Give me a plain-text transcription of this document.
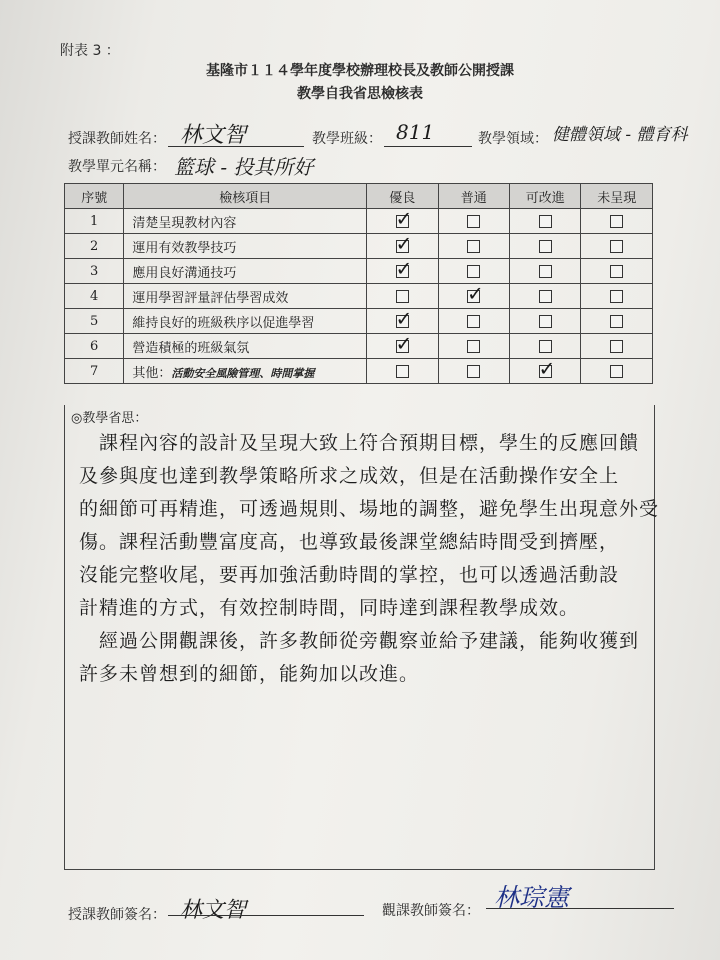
附表 3 ：
基隆市１１４學年度學校辦理校長及教師公開授課
教學自我省思檢核表
授課教師姓名： 林文智	教學班級： 811	教學領域： 健體領域 - 體育科
教學單元名稱： 籃球 - 投其所好
序號	檢核項目	優良	普通	可改進	未呈現
1	清楚呈現教材內容	✓			

2	運用有效教學技巧	✓			

3	應用良好溝通技巧	✓			

4	運用學習評量評估學習成效		✓		

5	維持良好的班級秩序以促進學習	✓			

6	營造積極的班級氣氛	✓			

7	其他：活動安全風險管理、時間掌握			✓	

◎教學省思：
　課程內容的設計及呈現大致上符合預期目標，學生的反應回饋
及參與度也達到教學策略所求之成效，但是在活動操作安全上
的細節可再精進，可透過規則、場地的調整，避免學生出現意外受
傷。課程活動豐富度高，也導致最後課堂總結時間受到擠壓，
沒能完整收尾，要再加強活動時間的掌控，也可以透過活動設
計精進的方式，有效控制時間，同時達到課程教學成效。
　經過公開觀課後，許多教師從旁觀察並給予建議，能夠收獲到
許多未曾想到的細節，能夠加以改進。
授課教師簽名： 林文智	觀課教師簽名： 林琮憲
